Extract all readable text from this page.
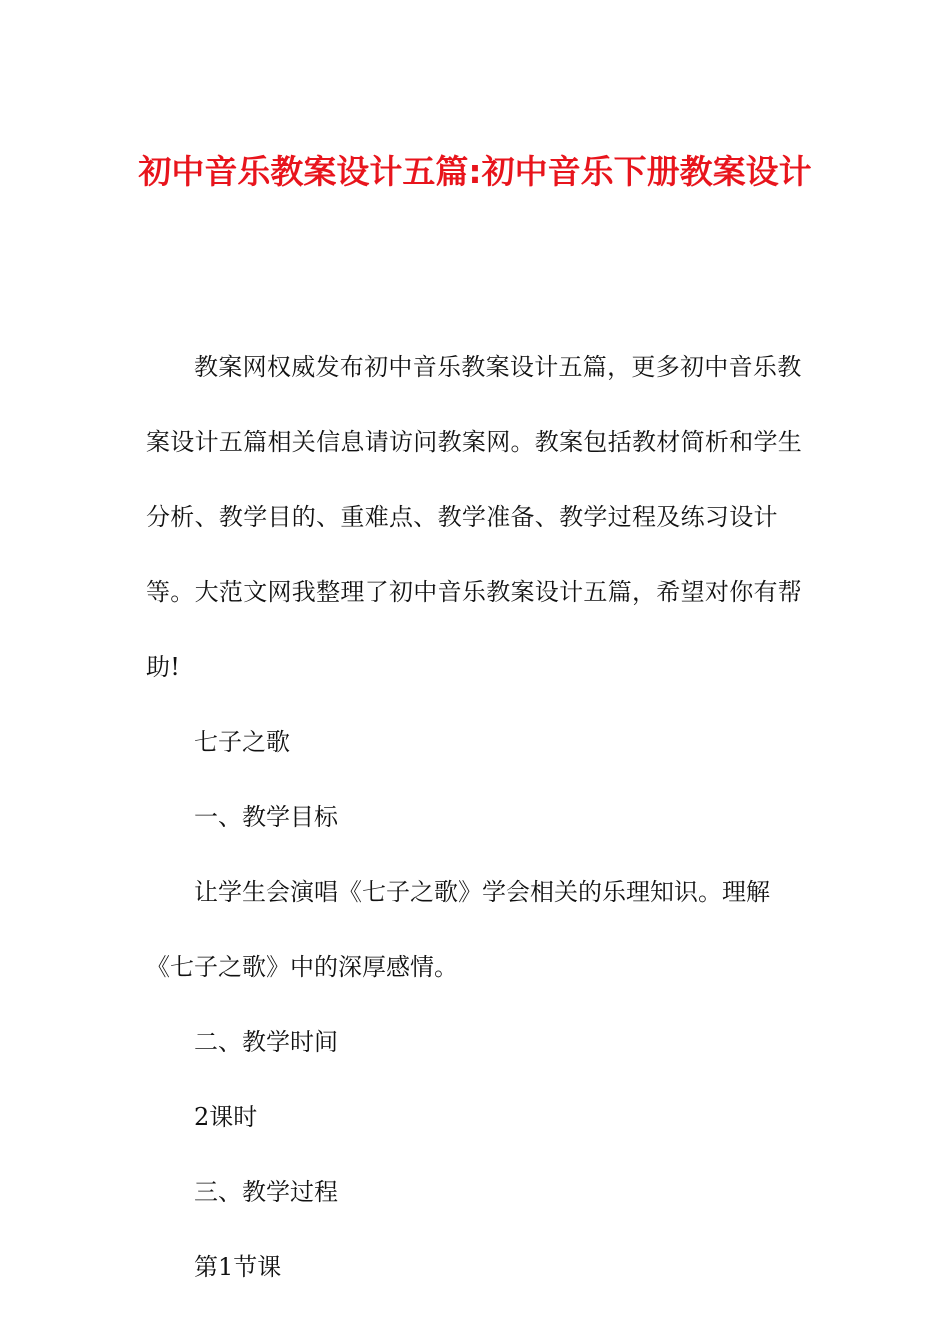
初中音乐教案设计五篇:初中音乐下册教案设计

教案网权威发布初中音乐教案设计五篇，更多初中音乐教案设计五篇相关信息请访问教案网。教案包括教材简析和学生分析、教学目的、重难点、教学准备、教学过程及练习设计等。大范文网我整理了初中音乐教案设计五篇，希望对你有帮助!

七子之歌

一、教学目标

让学生会演唱《七子之歌》学会相关的乐理知识。理解《七子之歌》中的深厚感情。

二、教学时间

2课时

三、教学过程

第1节课
